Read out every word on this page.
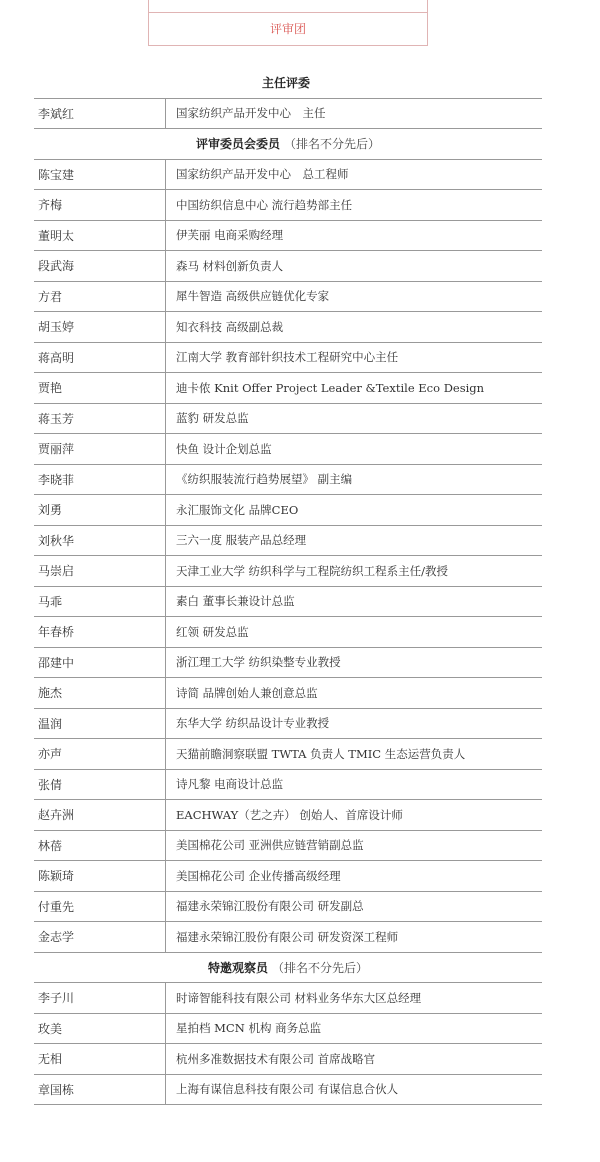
评审团
主任评委
李斌红	国家纺织产品开发中心　主任
评审委员会委员 （排名不分先后）
陈宝建	国家纺织产品开发中心　总工程师
齐梅	中国纺织信息中心 流行趋势部主任
董明太	伊芙丽 电商采购经理
段武海	森马 材料创新负责人
方君	犀牛智造 高级供应链优化专家
胡玉婷	知衣科技 高级副总裁
蒋高明	江南大学 教育部针织技术工程研究中心主任
贾艳	迪卡侬 Knit Offer Project Leader &Textile Eco Design
蒋玉芳	蓝豹 研发总监
贾丽萍	快鱼 设计企划总监
李晓菲	《纺织服装流行趋势展望》 副主编
刘勇	永汇服饰文化 品牌CEO
刘秋华	三六一度 服装产品总经理
马崇启	天津工业大学 纺织科学与工程院纺织工程系主任/教授
马乖	素白 董事长兼设计总监
年春桥	红领 研发总监
邵建中	浙江理工大学 纺织染整专业教授
施杰	诗简 品牌创始人兼创意总监
温润	东华大学 纺织品设计专业教授
亦声	天猫前瞻洞察联盟 TWTA 负责人 TMIC 生态运营负责人
张倩	诗凡黎 电商设计总监
赵卉洲	EACHWAY（艺之卉） 创始人、首席设计师
林蓓	美国棉花公司 亚洲供应链营销副总监
陈颖琦	美国棉花公司 企业传播高级经理
付重先	福建永荣锦江股份有限公司 研发副总
金志学	福建永荣锦江股份有限公司 研发资深工程师
特邀观察员 （排名不分先后）
李子川	时谛智能科技有限公司 材料业务华东大区总经理
玫美	星拍档 MCN 机构 商务总监
无相	杭州多准数据技术有限公司 首席战略官
章国栋	上海有谋信息科技有限公司 有谋信息合伙人
